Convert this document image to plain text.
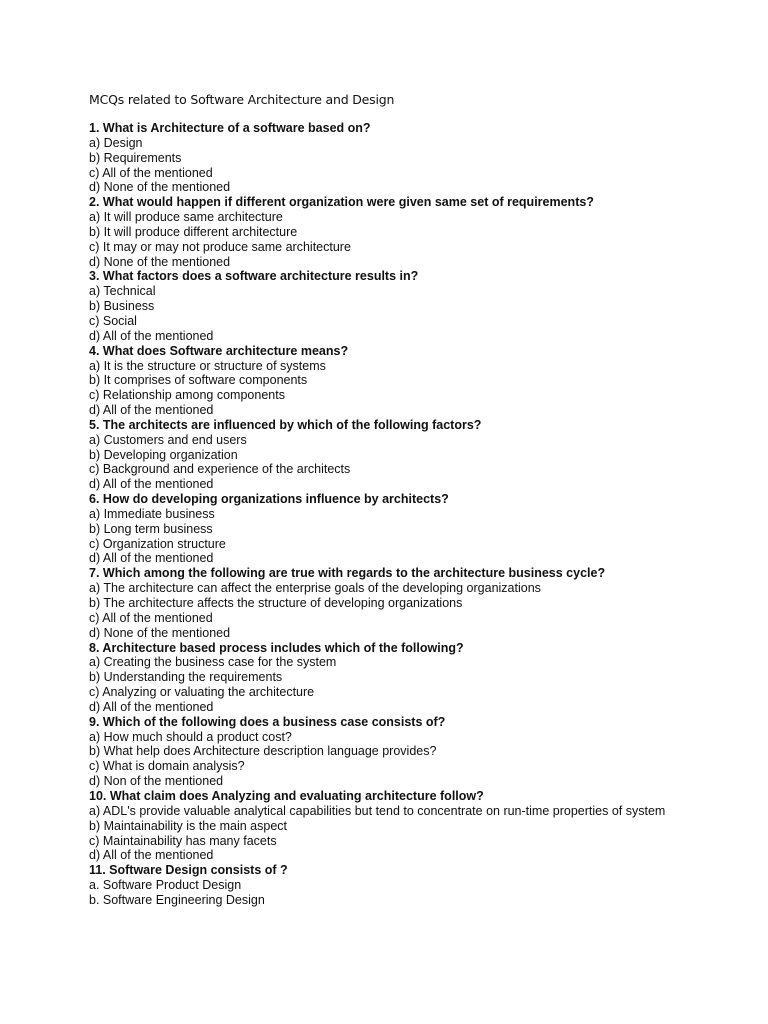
MCQs related to Software Architecture and Design
1. What is Architecture of a software based on?
a) Design
b) Requirements
c) All of the mentioned
d) None of the mentioned
2. What would happen if different organization were given same set of requirements?
a) It will produce same architecture
b) It will produce different architecture
c) It may or may not produce same architecture
d) None of the mentioned
3. What factors does a software architecture results in?
a) Technical
b) Business
c) Social
d) All of the mentioned
4. What does Software architecture means?
a) It is the structure or structure of systems
b) It comprises of software components
c) Relationship among components
d) All of the mentioned
5. The architects are influenced by which of the following factors?
a) Customers and end users
b) Developing organization
c) Background and experience of the architects
d) All of the mentioned
6. How do developing organizations influence by architects?
a) Immediate business
b) Long term business
c) Organization structure
d) All of the mentioned
7. Which among the following are true with regards to the architecture business cycle?
a) The architecture can affect the enterprise goals of the developing organizations
b) The architecture affects the structure of developing organizations
c) All of the mentioned
d) None of the mentioned
8. Architecture based process includes which of the following?
a) Creating the business case for the system
b) Understanding the requirements
c) Analyzing or valuating the architecture
d) All of the mentioned
9. Which of the following does a business case consists of?
a) How much should a product cost?
b) What help does Architecture description language provides?
c) What is domain analysis?
d) Non of the mentioned
10. What claim does Analyzing and evaluating architecture follow?
a) ADL's provide valuable analytical capabilities but tend to concentrate on run-time properties of system
b) Maintainability is the main aspect
c) Maintainability has many facets
d) All of the mentioned
11. Software Design consists of ?
a. Software Product Design
b. Software Engineering Design
